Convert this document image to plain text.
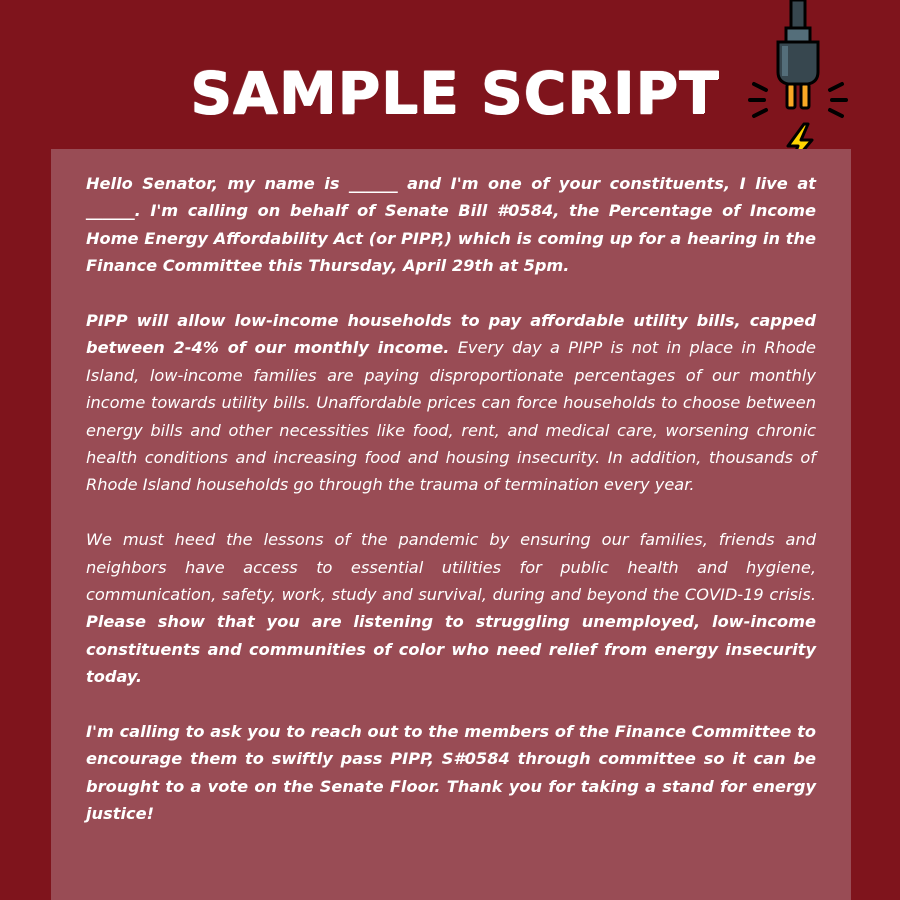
SAMPLE SCRIPT

Hello Senator, my name is ______ and I'm one of your constituents, I live at ______. I'm calling on behalf of Senate Bill #0584, the Percentage of Income Home Energy Affordability Act (or PIPP,) which is coming up for a hearing in the Finance Committee this Thursday, April 29th at 5pm.

PIPP will allow low-income households to pay affordable utility bills, capped between 2-4% of our monthly income. Every day a PIPP is not in place in Rhode Island, low-income families are paying disproportionate percentages of our monthly income towards utility bills. Unaffordable prices can force households to choose between energy bills and other necessities like food, rent, and medical care, worsening chronic health conditions and increasing food and housing insecurity. In addition, thousands of Rhode Island households go through the trauma of termination every year.

We must heed the lessons of the pandemic by ensuring our families, friends and neighbors have access to essential utilities for public health and hygiene, communication, safety, work, study and survival, during and beyond the COVID-19 crisis. Please show that you are listening to struggling unemployed, low-income constituents and communities of color who need relief from energy insecurity today.

I'm calling to ask you to reach out to the members of the Finance Committee to encourage them to swiftly pass PIPP, S#0584 through committee so it can be brought to a vote on the Senate Floor. Thank you for taking a stand for energy justice!
